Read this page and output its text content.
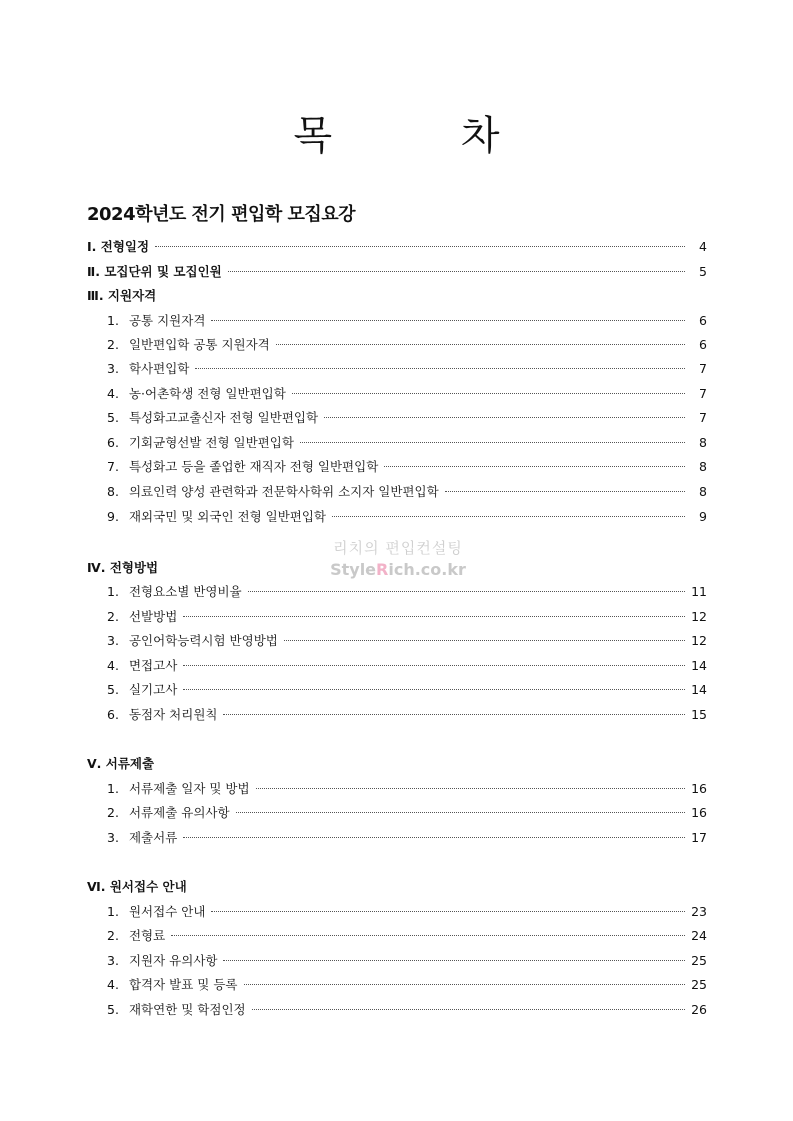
목 차
2024학년도 전기 편입학 모집요강
Ⅰ. 전형일정	4
Ⅱ. 모집단위 및 모집인원	5
Ⅲ. 지원자격
1. 공통 지원자격	6
2. 일반편입학 공통 지원자격	6
3. 학사편입학	7
4. 농·어촌학생 전형 일반편입학	7
5. 특성화고교출신자 전형 일반편입학	7
6. 기회균형선발 전형 일반편입학	8
7. 특성화고 등을 졸업한 재직자 전형 일반편입학	8
8. 의료인력 양성 관련학과 전문학사학위 소지자 일반편입학	8
9. 재외국민 및 외국인 전형 일반편입학	9
리치의 편입컨설팅
StyleRich.co.kr
Ⅳ. 전형방법
1. 전형요소별 반영비율	11
2. 선발방법	12
3. 공인어학능력시험 반영방법	12
4. 면접고사	14
5. 실기고사	14
6. 동점자 처리원칙	15
Ⅴ. 서류제출
1. 서류제출 일자 및 방법	16
2. 서류제출 유의사항	16
3. 제출서류	17
Ⅵ. 원서접수 안내
1. 원서접수 안내	23
2. 전형료	24
3. 지원자 유의사항	25
4. 합격자 발표 및 등록	25
5. 재학연한 및 학점인정	26
